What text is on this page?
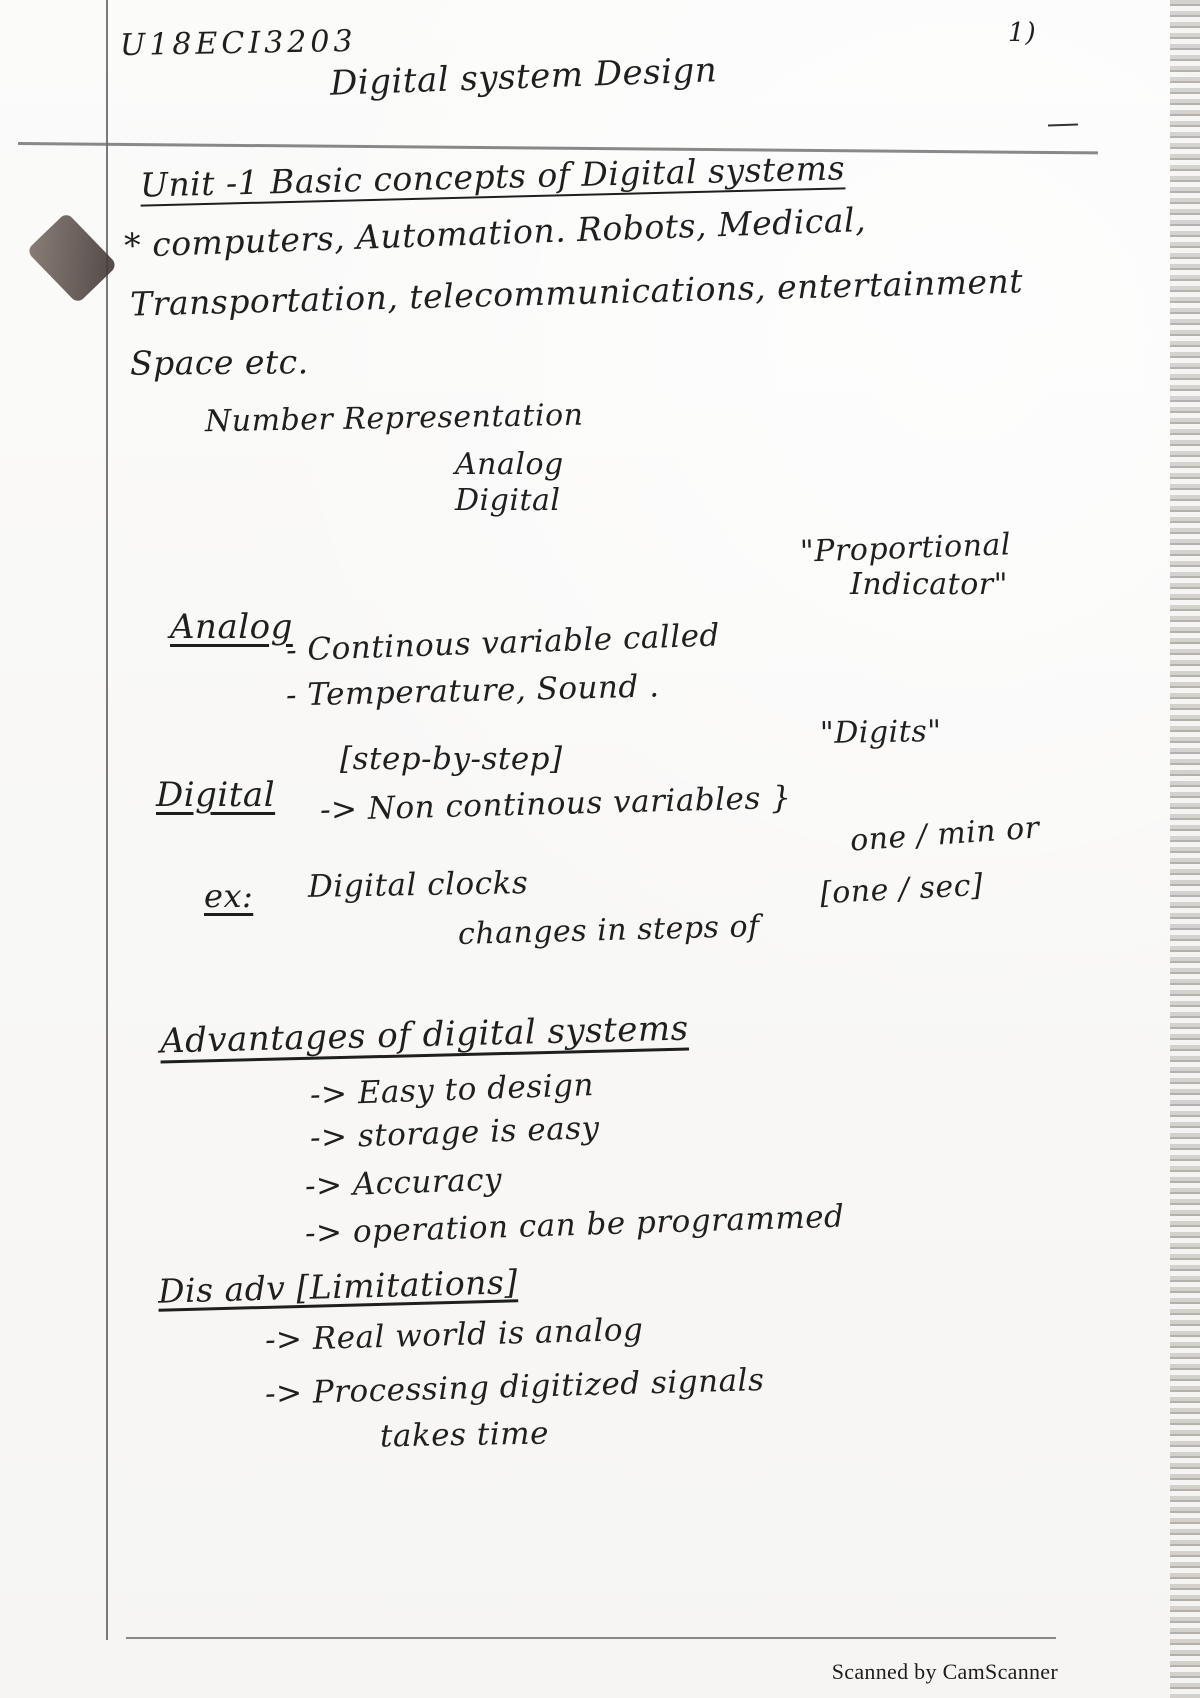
U18ECI3203	1)

Digital system Design

Unit -1 Basic concepts of Digital systems

* computers, Automation. Robots, Medical,

Transportation, telecommunications, entertainment

Space etc.

Number Representation

Analog

Digital

Analog

- Continous variable called

"Proportional

Indicator"

- Temperature, Sound .

Digital

[step-by-step]

"Digits"

-> Non continous variables }

ex: Digital clocks

changes in steps of

one / min or

[one / sec]

Advantages of digital systems

-> Easy to design

-> storage is easy

-> Accuracy

-> operation can be programmed

Dis adv [Limitations]

-> Real world is analog

-> Processing digitized signals

takes time

Scanned by CamScanner
